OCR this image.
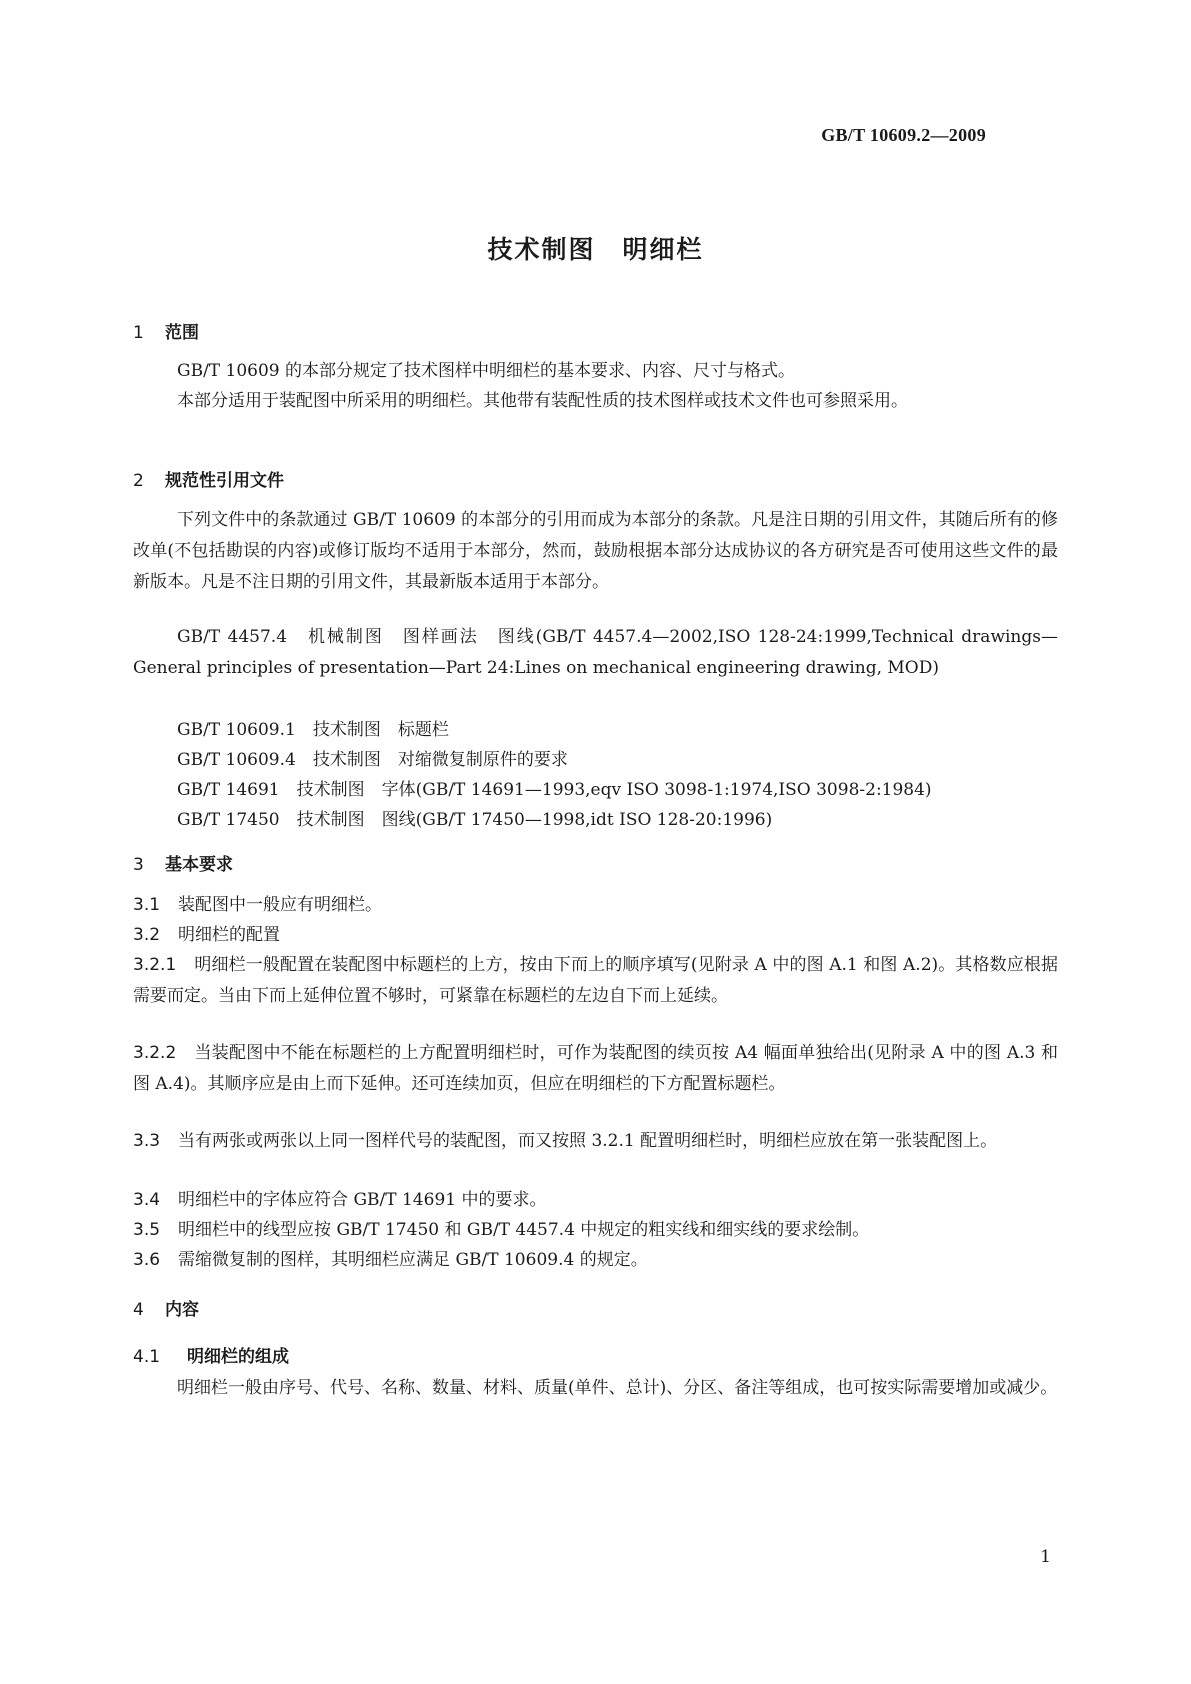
GB/T 10609.2—2009
技术制图　明细栏
1 范围
GB/T 10609 的本部分规定了技术图样中明细栏的基本要求、内容、尺寸与格式。
本部分适用于装配图中所采用的明细栏。其他带有装配性质的技术图样或技术文件也可参照采用。
2 规范性引用文件
下列文件中的条款通过 GB/T 10609 的本部分的引用而成为本部分的条款。凡是注日期的引用文件，其随后所有的修改单(不包括勘误的内容)或修订版均不适用于本部分，然而，鼓励根据本部分达成协议的各方研究是否可使用这些文件的最新版本。凡是不注日期的引用文件，其最新版本适用于本部分。
GB/T 4457.4　机械制图　图样画法　图线(GB/T 4457.4—2002,ISO 128-24:1999,Technical drawings—General principles of presentation—Part 24:Lines on mechanical engineering drawing, MOD)
GB/T 10609.1　技术制图　标题栏
GB/T 10609.4　技术制图　对缩微复制原件的要求
GB/T 14691　技术制图　字体(GB/T 14691—1993,eqv ISO 3098-1:1974,ISO 3098-2:1984)
GB/T 17450　技术制图　图线(GB/T 17450—1998,idt ISO 128-20:1996)
3 基本要求
3.1 装配图中一般应有明细栏。
3.2 明细栏的配置
3.2.1 明细栏一般配置在装配图中标题栏的上方，按由下而上的顺序填写(见附录 A 中的图 A.1 和图 A.2)。其格数应根据需要而定。当由下而上延伸位置不够时，可紧靠在标题栏的左边自下而上延续。
3.2.2 当装配图中不能在标题栏的上方配置明细栏时，可作为装配图的续页按 A4 幅面单独给出(见附录 A 中的图 A.3 和图 A.4)。其顺序应是由上而下延伸。还可连续加页，但应在明细栏的下方配置标题栏。
3.3 当有两张或两张以上同一图样代号的装配图，而又按照 3.2.1 配置明细栏时，明细栏应放在第一张装配图上。
3.4 明细栏中的字体应符合 GB/T 14691 中的要求。
3.5 明细栏中的线型应按 GB/T 17450 和 GB/T 4457.4 中规定的粗实线和细实线的要求绘制。
3.6 需缩微复制的图样，其明细栏应满足 GB/T 10609.4 的规定。
4 内容
4.1 明细栏的组成
明细栏一般由序号、代号、名称、数量、材料、质量(单件、总计)、分区、备注等组成，也可按实际需要增加或减少。
1
